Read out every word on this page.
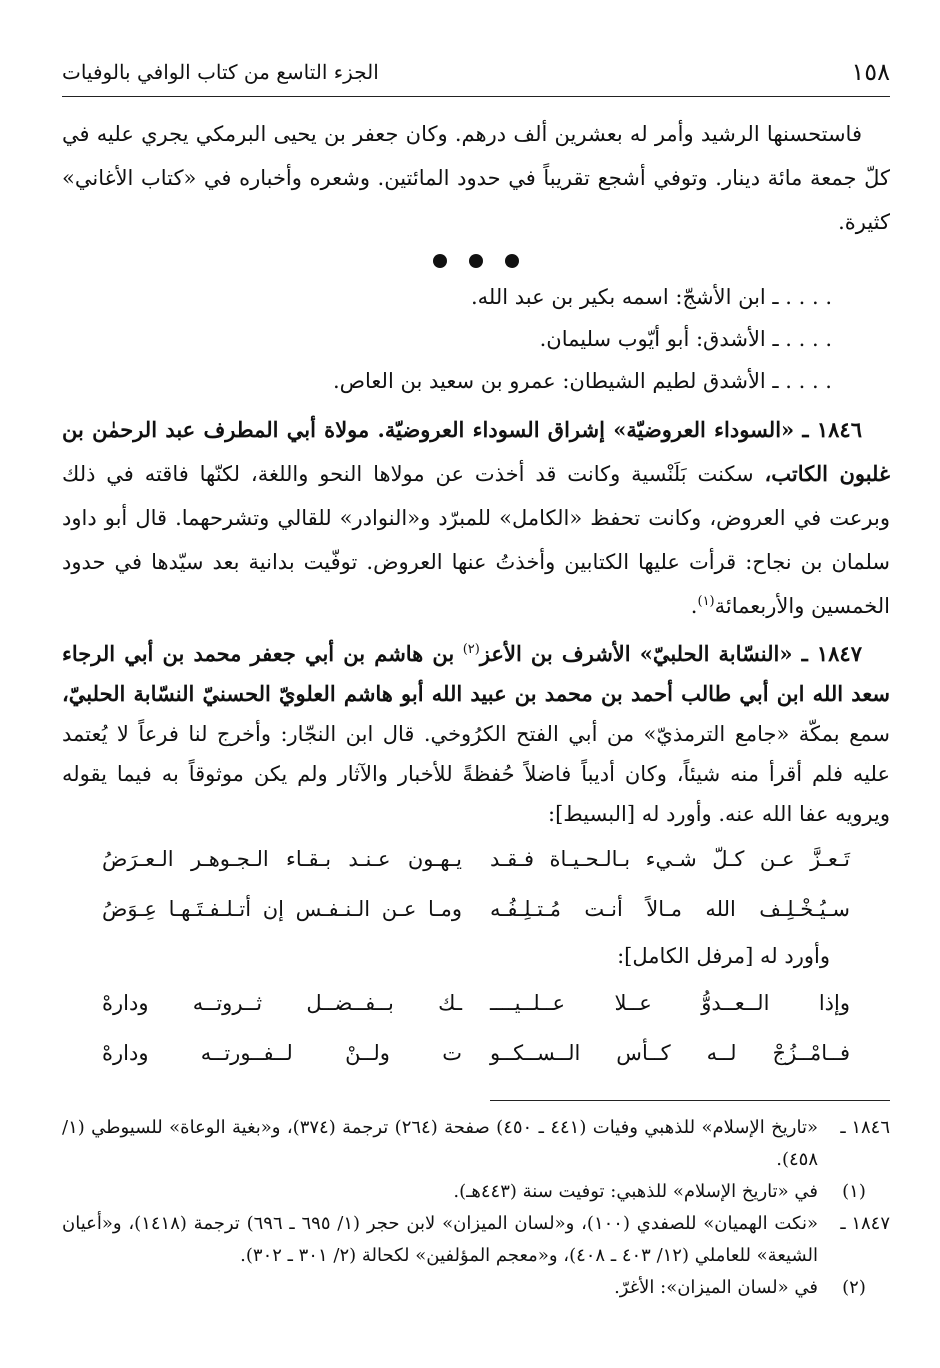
١٥٨
الجزء التاسع من كتاب الوافي بالوفيات

فاستحسنها الرشيد وأمر له بعشرين ألف درهم. وكان جعفر بن يحيى البرمكي يجري عليه في كلّ جمعة مائة دينار. وتوفي أشجع تقريباً في حدود المائتين. وشعره وأخباره في «كتاب الأغاني» كثيرة.

. . . . ـ ابن الأشجّ: اسمه بكير بن عبد الله.
. . . . ـ الأشدق: أبو أيّوب سليمان.
. . . . ـ الأشدق لطيم الشيطان: عمرو بن سعيد بن العاص.

١٨٤٦ ـ «السوداء العروضيّة» إشراق السوداء العروضيّة. مولاة أبي المطرف عبد الرحمٰن بن غلبون الكاتب، سكنت بَلَنْسية وكانت قد أخذت عن مولاها النحو واللغة، لكنّها فاقته في ذلك وبرعت في العروض، وكانت تحفظ «الكامل» للمبرّد و«النوادر» للقالي وتشرحهما. قال أبو داود سلمان بن نجاح: قرأت عليها الكتابين وأخذتُ عنها العروض. توفّيت بدانية بعد سيّدها في حدود الخمسين والأربعمائة$^{(١)}$.

١٨٤٧ ـ «النسّابة الحلبيّ» الأشرف بن الأعز$^{(٢)}$ بن هاشم بن أبي جعفر محمد بن أبي الرجاء سعد الله ابن أبي طالب أحمد بن محمد بن عبيد الله أبو هاشم العلويّ الحسنيّ النسّابة الحلبيّ، سمع بمكّة «جامع الترمذيّ» من أبي الفتح الكرُوخي. قال ابن النجّار: وأخرج لنا فرعاً لا يُعتمد عليه فلم أقرأ منه شيئاً، وكان أديباً فاضلاً حُفظةً للأخبار والآثار ولم يكن موثوقاً به فيما يقوله ويرويه عفا الله عنه. وأورد له [البسيط]:

تَـعـزَّ عـن كـلّ شـيء بـالـحـيـاة فـقـد
يـهـون عـنـد بـقـاء الـجـوهـر الـعـرَضُ
سـيُـخْـلِـف الله مـالاً أنـت مُـتـلِـفُـه
ومـا عـن الـنـفـس إن أتـلـفـتَـهـا عِـوَضُ
وأورد له [مرفل الكامل]:
وإذا الــعــدوُّ عــلا عــلــيــــ
ـك بــفــضــل ثــروتــه ودارهْ
فــامْــزُجْ لــه كــأس الــســكــو
ت ولــنْ لــفــورتــه ودارهْ
١٨٤٦ ـ
«تاريخ الإسلام» للذهبي وفيات (٤٤١ ـ ٤٥٠) صفحة (٢٦٤) ترجمة (٣٧٤)، و«بغية الوعاة» للسيوطي (١/ ٤٥٨).
(١)
في «تاريخ الإسلام» للذهبي: توفيت سنة (٤٤٣هـ).
١٨٤٧ ـ
«نكت الهميان» للصفدي (١٠٠)، و«لسان الميزان» لابن حجر (١/ ٦٩٥ ـ ٦٩٦) ترجمة (١٤١٨)، و«أعيان الشيعة» للعاملي (١٢/ ٤٠٣ ـ ٤٠٨)، و«معجم المؤلفين» لكحالة (٢/ ٣٠١ ـ ٣٠٢).
(٢)
في «لسان الميزان»: الأغرّ.
